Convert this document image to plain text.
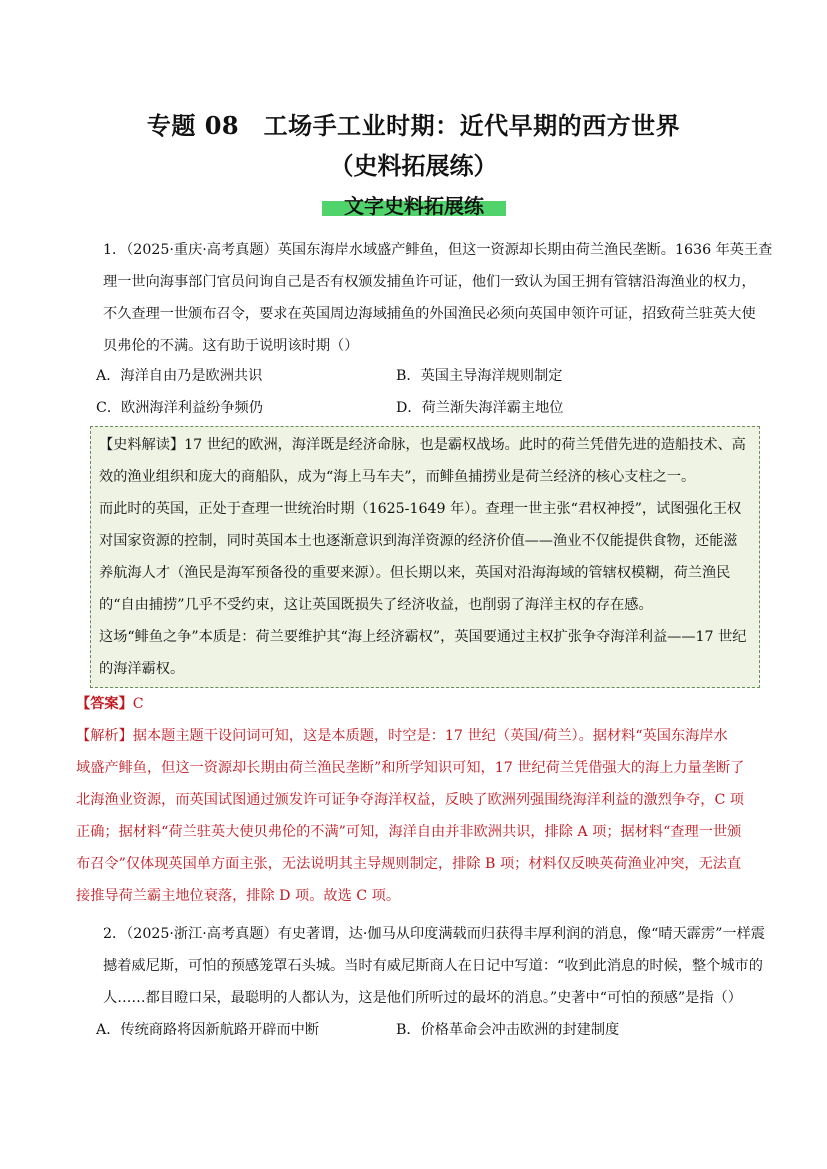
专题 08　工场手工业时期：近代早期的西方世界
（史料拓展练）
文字史料拓展练
1．（2025·重庆·高考真题）英国东海岸水域盛产鲱鱼，但这一资源却长期由荷兰渔民垄断。1636 年英王查
理一世向海事部门官员问询自己是否有权颁发捕鱼许可证，他们一致认为国王拥有管辖沿海渔业的权力，
不久查理一世颁布召令，要求在英国周边海域捕鱼的外国渔民必须向英国申领许可证，招致荷兰驻英大使
贝弗伦的不满。这有助于说明该时期（）
A．海洋自由乃是欧洲共识	B．英国主导海洋规则制定
C．欧洲海洋利益纷争频仍	D．荷兰渐失海洋霸主地位
【史料解读】17 世纪的欧洲，海洋既是经济命脉，也是霸权战场。此时的荷兰凭借先进的造船技术、高
效的渔业组织和庞大的商船队，成为“海上马车夫”，而鲱鱼捕捞业是荷兰经济的核心支柱之一。
而此时的英国，正处于查理一世统治时期（1625-1649 年）。查理一世主张“君权神授”，试图强化王权
对国家资源的控制，同时英国本土也逐渐意识到海洋资源的经济价值——渔业不仅能提供食物，还能滋
养航海人才（渔民是海军预备役的重要来源）。但长期以来，英国对沿海海域的管辖权模糊，荷兰渔民
的“自由捕捞”几乎不受约束，这让英国既损失了经济收益，也削弱了海洋主权的存在感。
这场“鲱鱼之争”本质是：荷兰要维护其“海上经济霸权”，英国要通过主权扩张争夺海洋利益——17 世纪
的海洋霸权。
【答案】C
【解析】据本题主题干设问词可知，这是本质题，时空是：17 世纪（英国/荷兰）。据材料“英国东海岸水
域盛产鲱鱼，但这一资源却长期由荷兰渔民垄断”和所学知识可知，17 世纪荷兰凭借强大的海上力量垄断了
北海渔业资源，而英国试图通过颁发许可证争夺海洋权益，反映了欧洲列强围绕海洋利益的激烈争夺，C 项
正确；据材料“荷兰驻英大使贝弗伦的不满”可知，海洋自由并非欧洲共识，排除 A 项；据材料“查理一世颁
布召令”仅体现英国单方面主张，无法说明其主导规则制定，排除 B 项；材料仅反映英荷渔业冲突，无法直
接推导荷兰霸主地位衰落，排除 D 项。故选 C 项。
2．（2025·浙江·高考真题）有史著谓，达·伽马从印度满载而归获得丰厚利润的消息，像“晴天霹雳”一样震
撼着威尼斯，可怕的预感笼罩石头城。当时有威尼斯商人在日记中写道：“收到此消息的时候，整个城市的
人……都目瞪口呆，最聪明的人都认为，这是他们所听过的最坏的消息。”史著中“可怕的预感”是指（）
A．传统商路将因新航路开辟而中断	B．价格革命会冲击欧洲的封建制度
